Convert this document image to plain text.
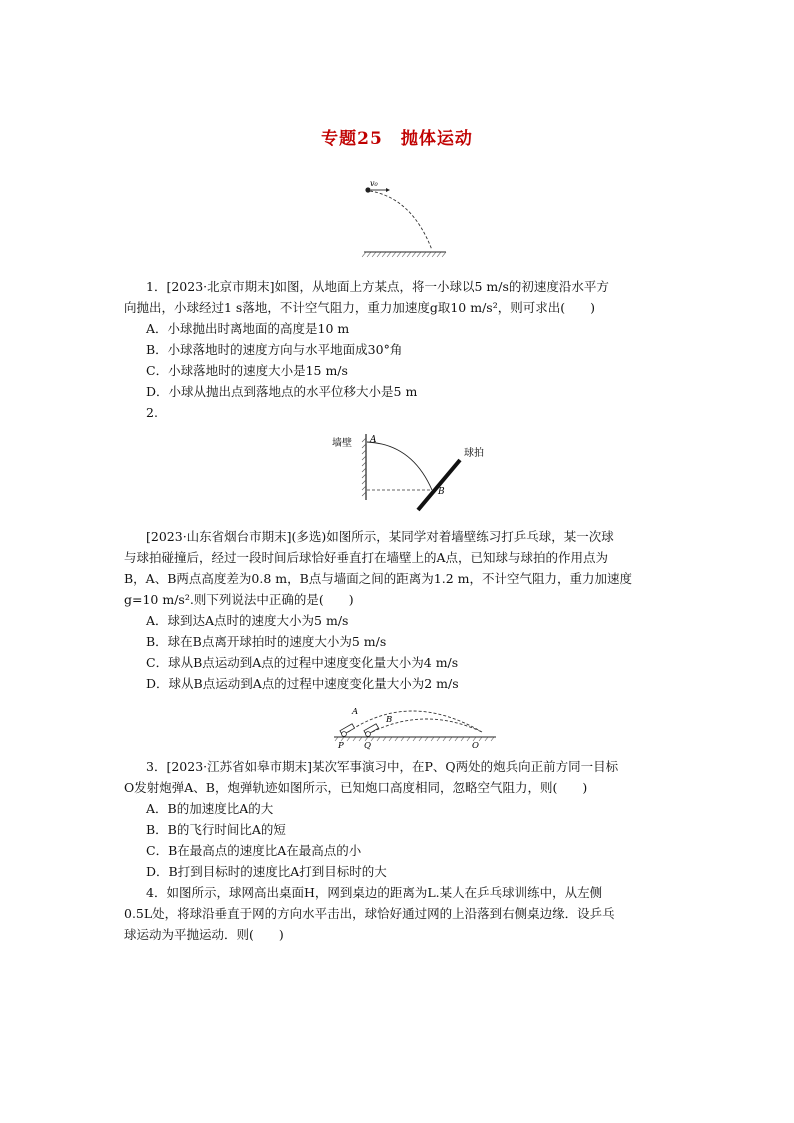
专题25　抛体运动
v₀
1．[2023·北京市期末]如图，从地面上方某点，将一小球以5 m/s的初速度沿水平方
向抛出，小球经过1 s落地，不计空气阻力，重力加速度g取10 m/s²，则可求出(　　)
A．小球抛出时离地面的高度是10 m
B．小球落地时的速度方向与水平地面成30°角
C．小球落地时的速度大小是15 m/s
D．小球从抛出点到落地点的水平位移大小是5 m
2.
墙壁 A
球拍
B
[2023·山东省烟台市期末](多选)如图所示，某同学对着墙壁练习打乒乓球，某一次球
与球拍碰撞后，经过一段时间后球恰好垂直打在墙壁上的A点，已知球与球拍的作用点为
B，A、B两点高度差为0.8 m，B点与墙面之间的距离为1.2 m，不计空气阻力，重力加速度
g=10 m/s².则下列说法中正确的是(　　)
A．球到达A点时的速度大小为5 m/s
B．球在B点离开球拍时的速度大小为5 m/s
C．球从B点运动到A点的过程中速度变化量大小为4 m/s
D．球从B点运动到A点的过程中速度变化量大小为2 m/s
A
B
P Q	O
3．[2023·江苏省如皋市期末]某次军事演习中，在P、Q两处的炮兵向正前方同一目标
O发射炮弹A、B，炮弹轨迹如图所示，已知炮口高度相同，忽略空气阻力，则(　　)
A．B的加速度比A的大
B．B的飞行时间比A的短
C．B在最高点的速度比A在最高点的小
D．B打到目标时的速度比A打到目标时的大
4．如图所示，球网高出桌面H，网到桌边的距离为L.某人在乒乓球训练中，从左侧
0.5L处，将球沿垂直于网的方向水平击出，球恰好通过网的上沿落到右侧桌边缘．设乒乓
球运动为平抛运动．则(　　)
